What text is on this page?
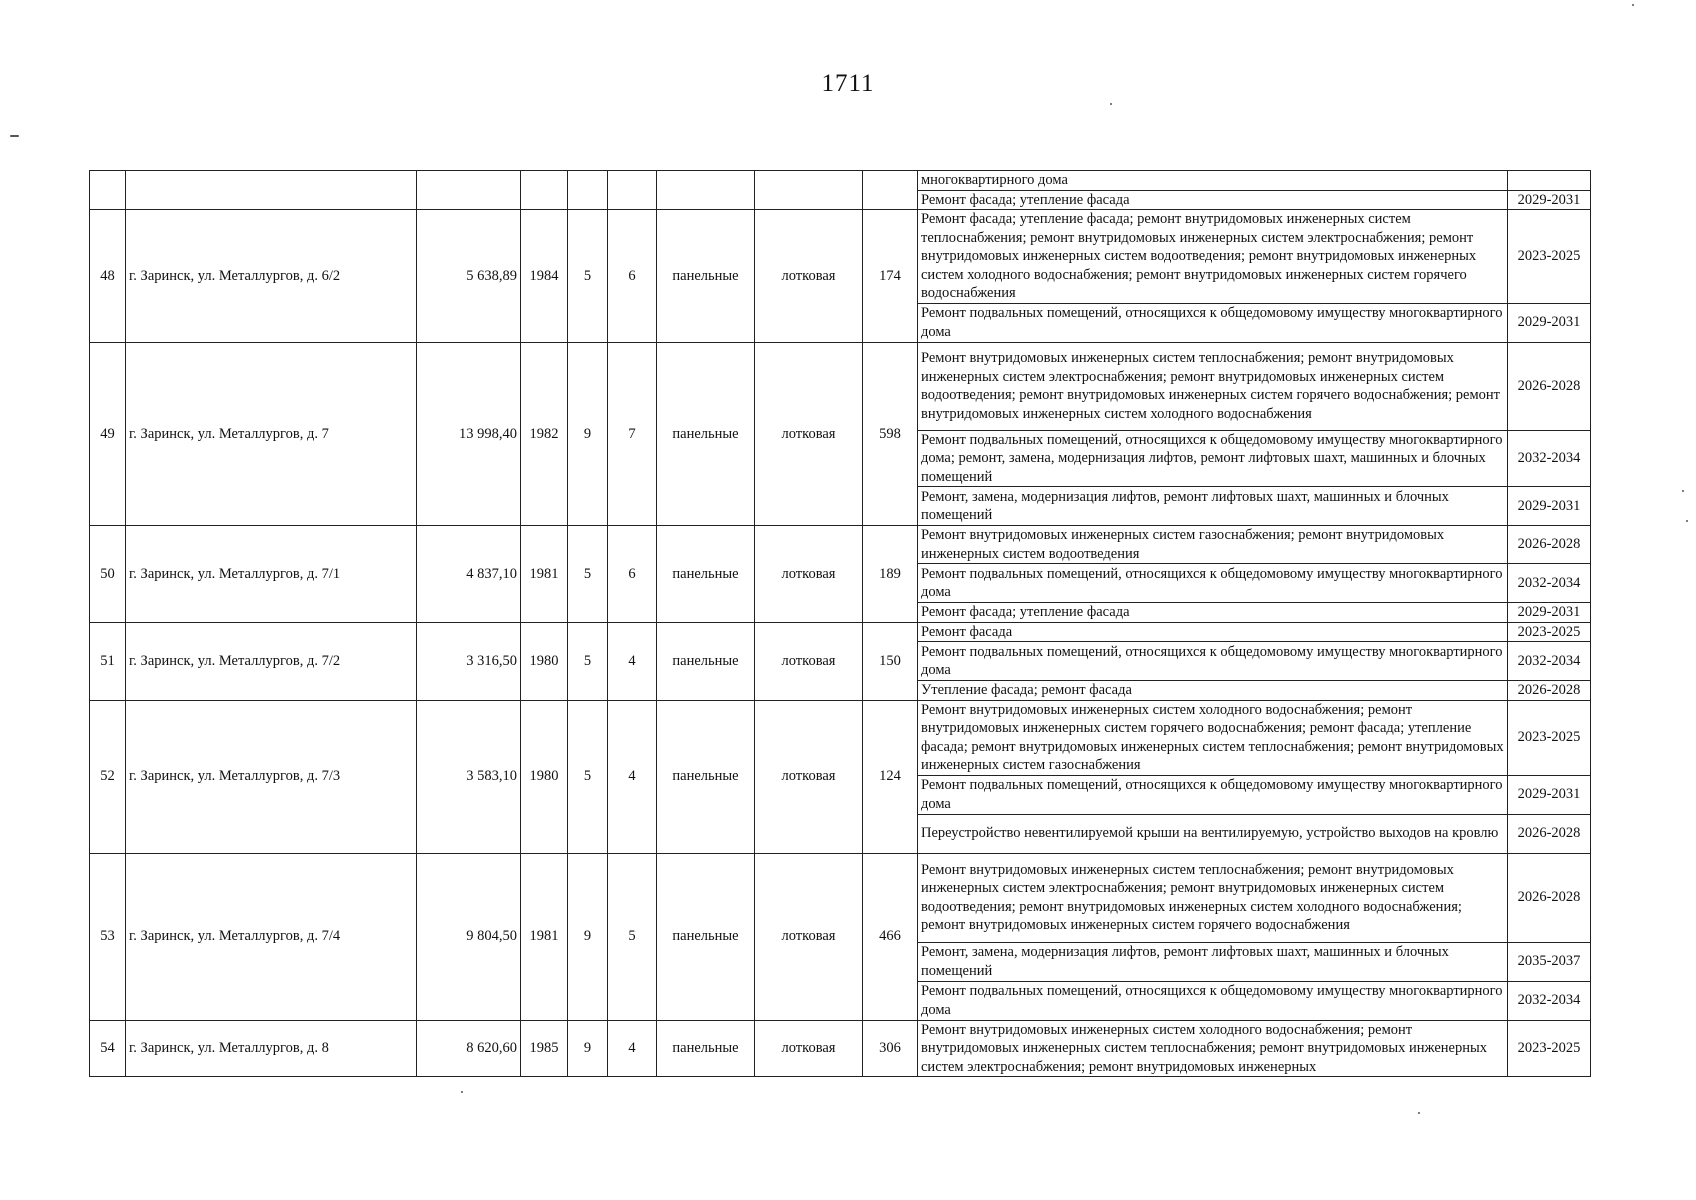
1711
									многоквартирного дома	
									Ремонт фасада; утепление фасада	2029-2031
48	г. Заринск, ул. Металлургов, д. 6/2	5 638,89	1984	5	6	панельные	лотковая	174	Ремонт фасада; утепление фасада; ремонт внутридомовых инженерных систем теплоснабжения; ремонт внутридомовых инженерных систем электроснабжения; ремонт внутридомовых инженерных систем водоотведения; ремонт внутридомовых инженерных систем холодного водоснабжения; ремонт внутридомовых инженерных систем горячего водоснабжения	2023-2025
									Ремонт подвальных помещений, относящихся к общедомовому имуществу многоквартирного дома	2029-2031
49	г. Заринск, ул. Металлургов, д. 7	13 998,40	1982	9	7	панельные	лотковая	598	Ремонт внутридомовых инженерных систем теплоснабжения; ремонт внутридомовых инженерных систем электроснабжения; ремонт внутридомовых инженерных систем водоотведения; ремонт внутридомовых инженерных систем горячего водоснабжения; ремонт внутридомовых инженерных систем холодного водоснабжения	2026-2028
									Ремонт подвальных помещений, относящихся к общедомовому имуществу многоквартирного дома; ремонт, замена, модернизация лифтов, ремонт лифтовых шахт, машинных и блочных помещений	2032-2034
									Ремонт, замена, модернизация лифтов, ремонт лифтовых шахт, машинных и блочных помещений	2029-2031
50	г. Заринск, ул. Металлургов, д. 7/1	4 837,10	1981	5	6	панельные	лотковая	189	Ремонт внутридомовых инженерных систем газоснабжения; ремонт внутридомовых инженерных систем водоотведения	2026-2028
									Ремонт подвальных помещений, относящихся к общедомовому имуществу многоквартирного дома	2032-2034
									Ремонт фасада; утепление фасада	2029-2031
51	г. Заринск, ул. Металлургов, д. 7/2	3 316,50	1980	5	4	панельные	лотковая	150	Ремонт фасада	2023-2025
									Ремонт подвальных помещений, относящихся к общедомовому имуществу многоквартирного дома	2032-2034
									Утепление фасада; ремонт фасада	2026-2028
52	г. Заринск, ул. Металлургов, д. 7/3	3 583,10	1980	5	4	панельные	лотковая	124	Ремонт внутридомовых инженерных систем холодного водоснабжения; ремонт внутридомовых инженерных систем горячего водоснабжения; ремонт фасада; утепление фасада; ремонт внутридомовых инженерных систем теплоснабжения; ремонт внутридомовых инженерных систем газоснабжения	2023-2025
									Ремонт подвальных помещений, относящихся к общедомовому имуществу многоквартирного дома	2029-2031
									Переустройство невентилируемой крыши на вентилируемую, устройство выходов на кровлю	2026-2028
53	г. Заринск, ул. Металлургов, д. 7/4	9 804,50	1981	9	5	панельные	лотковая	466	Ремонт внутридомовых инженерных систем теплоснабжения; ремонт внутридомовых инженерных систем электроснабжения; ремонт внутридомовых инженерных систем водоотведения; ремонт внутридомовых инженерных систем холодного водоснабжения; ремонт внутридомовых инженерных систем горячего водоснабжения	2026-2028
									Ремонт, замена, модернизация лифтов, ремонт лифтовых шахт, машинных и блочных помещений	2035-2037
									Ремонт подвальных помещений, относящихся к общедомовому имуществу многоквартирного дома	2032-2034
54	г. Заринск, ул. Металлургов, д. 8	8 620,60	1985	9	4	панельные	лотковая	306	Ремонт внутридомовых инженерных систем холодного водоснабжения; ремонт внутридомовых инженерных систем теплоснабжения; ремонт внутридомовых инженерных систем электроснабжения; ремонт внутридомовых инженерных	2023-2025
